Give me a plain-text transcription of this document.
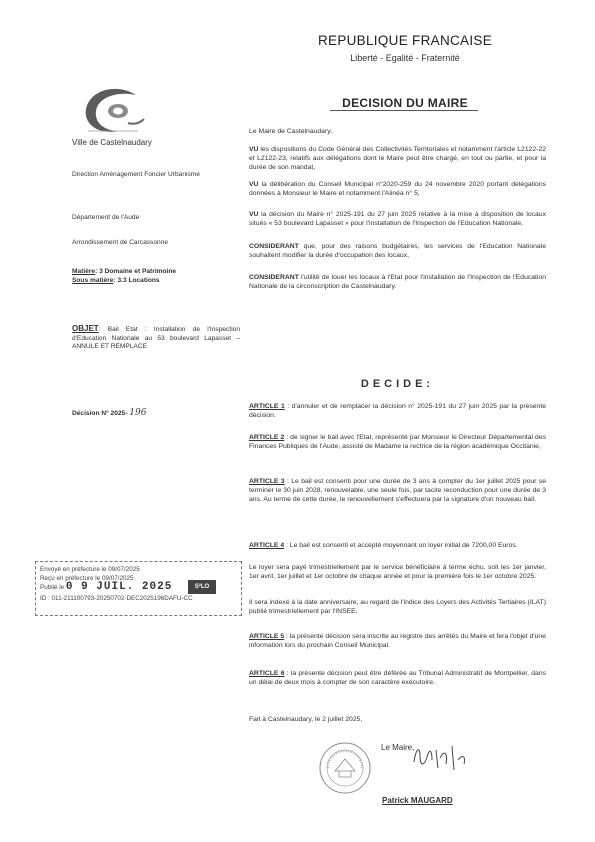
REPUBLIQUE FRANCAISE
Liberté - Egalité - Fraternité
DECISION DU MAIRE
Ville de Castelnaudary
Direction Aménagement Foncier Urbanisme
Département de l'Aude
Arrondissement de Carcassonne
Matière: 3 Domaine et Patrimoine
Sous matière: 3.3 Locations
OBJET: Bail Etat : Installation de l'Inspection d'Education Nationale au 53 boulevard Lapasset – ANNULE ET REMPLACE
Décision N° 2025- 196
Envoyé en préfecture le 09/07/2025
Reçu en préfecture le 09/07/2025
Publié le 0 9 JUIL. 2025	S²LO
ID : 011-211100793-20250702-DEC2025196DAFU-CC
Le Maire de Castelnaudary,
VU les dispositions du Code Général des Collectivités Territoriales et notamment l'article L2122-22 et L2122-23, relatifs aux délégations dont le Maire peut être chargé, en tout ou partie, et pour la durée de son mandat,
VU la délibération du Conseil Municipal n°2020-259 du 24 novembre 2020 portant délégations données à Monsieur le Maire et notamment l'Alinéa n° 5,
VU la décision du Maire n° 2025-191 du 27 juin 2025 relative à la mise à disposition de locaux situés « 53 boulevard Lapasset » pour l'installation de l'Inspection de l'Education Nationale,
CONSIDERANT que, pour des raisons budgétaires, les services de l'Education Nationale souhaitent modifier la durée d'occupation des locaux,
CONSIDERANT l'utilité de louer les locaux à l'Etat pour l'installation de l'Inspection de l'Education Nationale de la circonscription de Castelnaudary.
DECIDE:
ARTICLE 1 : d'annuler et de remplacer la décision n° 2025-191 du 27 juin 2025 par la présente décision.
ARTICLE 2 : de signer le bail avec l'Etat, représenté par Monsieur le Directeur Départemental des Finances Publiques de l'Aude, assisté de Madame la rectrice de la région académique Occitanie,
ARTICLE 3 : Le bail est consenti pour une durée de 3 ans à compter du 1er juillet 2025 pour se terminer le 30 juin 2028, renouvelable, une seule fois, par tacite reconduction pour une durée de 3 ans. Au terme de cette durée, le renouvellement s'effectuera par la signature d'un nouveau bail.
ARTICLE 4 : Le bail est consenti et accepté moyennant un loyer initial de 7200,00 Euros.
Le loyer sera payé trimestriellement par le service bénéficiaire à terme échu, soit les 1er janvier, 1er avril, 1er juillet et 1er octobre de chaque année et pour la première fois le 1er octobre 2025.
Il sera indexé à la date anniversaire, au regard de l'indice des Loyers des Activités Tertiaires (ILAT) publié trimestriellement par l'INSEE.
ARTICLE 5 : la présente décision sera inscrite au registre des arrêtés du Maire et fera l'objet d'une information lors du prochain Conseil Municipal.
ARTICLE 6 : la présente décision peut être déférée au Tribunal Administratif de Montpellier, dans un délai de deux mois à compter de son caractère exécutoire.
Fait à Castelnaudary, le 2 juillet 2025,
Le Maire,
Patrick MAUGARD
